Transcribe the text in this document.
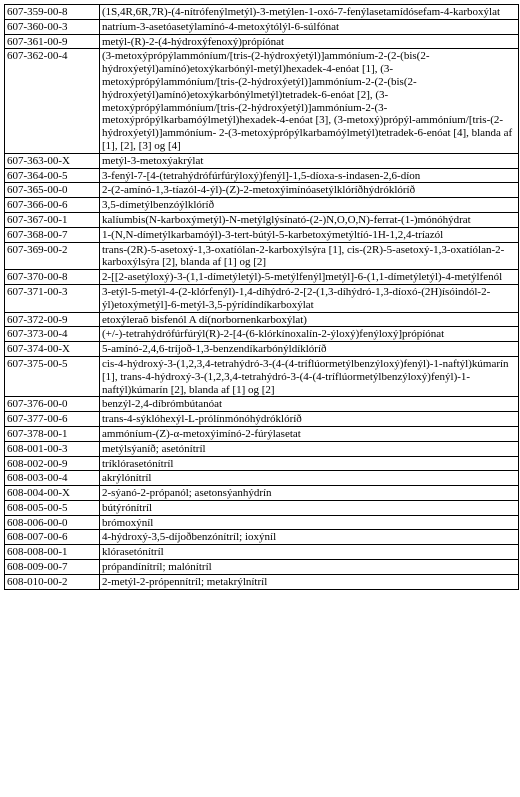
607-359-00-8	(1S,4R,6R,7R)-(4-nítrófenýlmetýl)-3-metýlen-1-oxó-7-fenýlasetamídósefam-4-karboxýlat
607-360-00-3	natríum-3-asetóasetýlamínó-4-metoxýtólýl-6-súlfónat
607-361-00-9	metýl-(R)-2-(4-hýdroxýfenoxý)própíónat
607-362-00-4	(3-metoxýprópýlammóníum/[tris-(2-hýdroxýetýl)]ammóníum-2-(2-(bis(2-hýdroxýetýl)amínó)etoxýkarbónýl-metýl)hexadek-4-enóat [1], (3-metoxýprópýlammóníum/[tris-(2-hýdroxýetýl)]ammóníum-2-(2-(bis(2-hýdroxýetýl)amínó)etoxýkarbónýlmetýl)tetradek-6-enóat [2], (3-metoxýprópýlammóníum/[tris-(2-hýdroxýetýl)]ammóníum-2-(3-metoxýprópýlkarbamóýlmetýl)hexadek-4-enóat [3], (3-metoxý)própýl-ammóníum/[tris-(2-hýdroxýetýl)]ammóníum- 2-(3-metoxýprópýlkarbamóýlmetýl)tetradek-6-enóat [4], blanda af [1], [2], [3] og [4]
607-363-00-X	metýl-3-metoxýakrýlat
607-364-00-5	3-fenýl-7-[4-(tetrahýdrófúrfúrýloxý)fenýl]-1,5-díoxa-s-indasen-2,6-díon
607-365-00-0	2-(2-amínó-1,3-tíazól-4-ýl)-(Z)-2-metoxýimínóasetýlklóríðhýdróklóríð
607-366-00-6	3,5-dímetýlbenzóýlklóríð
607-367-00-1	kalíumbis(N-karboxýmetýl)-N-metýlglýsínató-(2-)N,O,O,N)-ferrat-(1-)mónóhýdrat
607-368-00-7	1-(N,N-dímetýlkarbamóýl)-3-tert-bútýl-5-karbetoxýmetýltíó-1H-1,2,4-tríazól
607-369-00-2	trans-(2R)-5-asetoxý-1,3-oxatíólan-2-karboxýlsýra [1], cis-(2R)-5-asetoxý-1,3-oxatíólan-2-karboxýlsýra [2], blanda af [1] og [2]
607-370-00-8	2-[[2-asetýloxý)-3-(1,1-dímetýletýl)-5-metýlfenýl]metýl]-6-(1,1-dímetýletýl)-4-metýlfenól
607-371-00-3	3-etýl-5-metýl-4-(2-klórfenýl)-1,4-díhýdró-2-[2-(1,3-díhýdró-1,3-díoxó-(2H)ísóindól-2-ýl)etoxýmetýl]-6-metýl-3,5-pýrídíndíkarboxýlat
607-372-00-9	etoxýleraõ bisfenól A dí(norbornenkarboxýlat)
607-373-00-4	(+/-)-tetrahýdrófúrfúrýl(R)-2-[4-(6-klórkínoxalín-2-ýloxý)fenýloxý]própíónat
607-374-00-X	5-amínó-2,4,6-tríjoð-1,3-benzendíkarbónýldíklóríð
607-375-00-5	cis-4-hýdroxý-3-(1,2,3,4-tetrahýdró-3-(4-(4-tríflúormetýlbenzýloxý)fenýl)-1-naftýl)kúmarín [1], trans-4-hýdroxý-3-(1,2,3,4-tetrahýdró-3-(4-(4-tríflúormetýlbenzýloxý)fenýl)-1-naftýl)kúmarín [2], blanda af [1] og [2]
607-376-00-0	benzýl-2,4-díbrómbútanóat
607-377-00-6	trans-4-sýklóhexýl-L-prólínmónóhýdróklóríð
607-378-00-1	ammóníum-(Z)-α-metoxýimínó-2-fúrýlasetat
608-001-00-3	metýlsýaníð; asetónítríl
608-002-00-9	tríklórasetónítríl
608-003-00-4	akrýlónítríl
608-004-00-X	2-sýanó-2-própanól; asetonsýanhýdrín
608-005-00-5	bútýrónítríl
608-006-00-0	brómoxýníl
608-007-00-6	4-hýdroxý-3,5-díjoðbenzónítríl; ioxýníl
608-008-00-1	klórasetónítríl
608-009-00-7	própandínítríl; malónítríl
608-010-00-2	2-metýl-2-própennítríl; metakrýlnítríl
